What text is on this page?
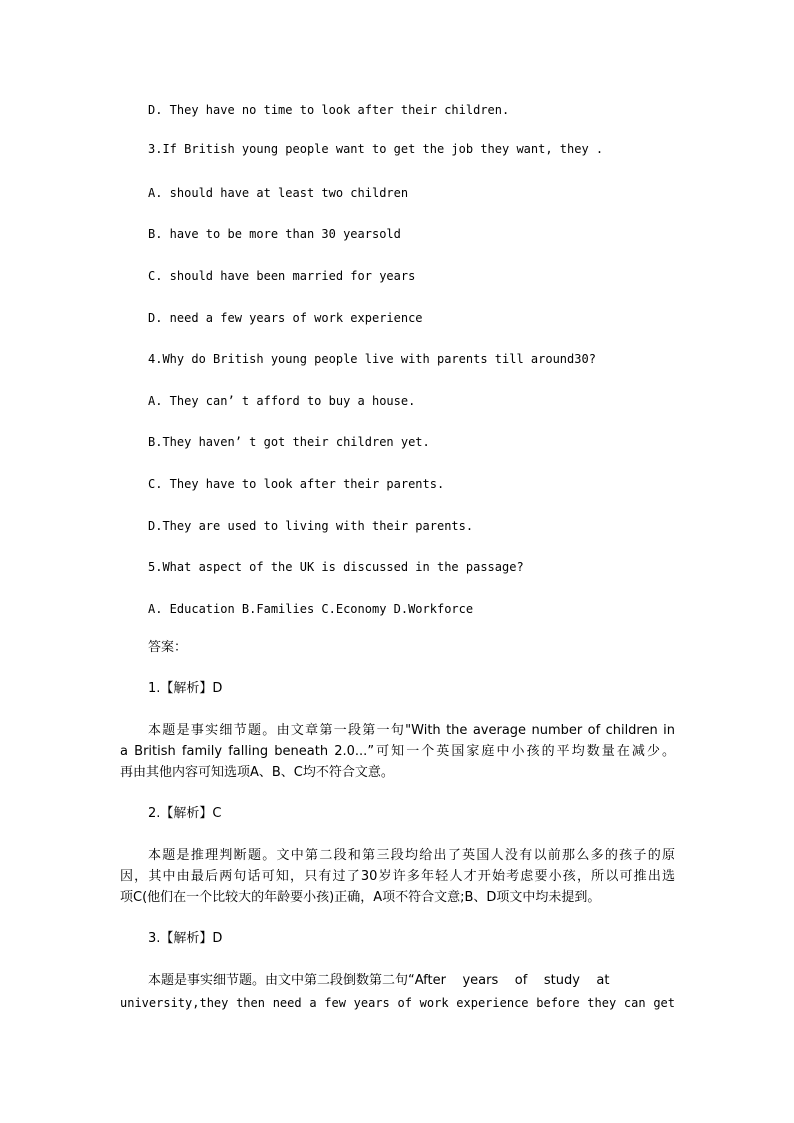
D. They have no time to look after their children.
3.If British young people want to get the job they want, they .
A. should have at least two children
B. have to be more than 30 yearsold
C. should have been married for years
D. need a few years of work experience
4.Why do British young people live with parents till around30?
A. They can’ t afford to buy a house.
B.They haven’ t got their children yet.
C. They have to look after their parents.
D.They are used to living with their parents.
5.What aspect of the UK is discussed in the passage?
A. Education B.Families C.Economy D.Workforce
答案：
1.【解析】D
本题是事实细节题。由文章第一段第一句"With the average number of children in
a British family falling beneath 2.0...”可知一个英国家庭中小孩的平均数量在减少。
再由其他内容可知选项A、B、C均不符合文意。
2.【解析】C
本题是推理判断题。文中第二段和第三段均给出了英国人没有以前那么多的孩子的原
因，其中由最后两句话可知，只有过了30岁许多年轻人才开始考虑要小孩，所以可推出选
项C(他们在一个比较大的年龄要小孩)正确，A项不符合文意;B、D项文中均未提到。
3.【解析】D
本题是事实细节题。由文中第二段倒数第二句“After    years    of    study    at
university,they then need a few years of work experience before they can get
